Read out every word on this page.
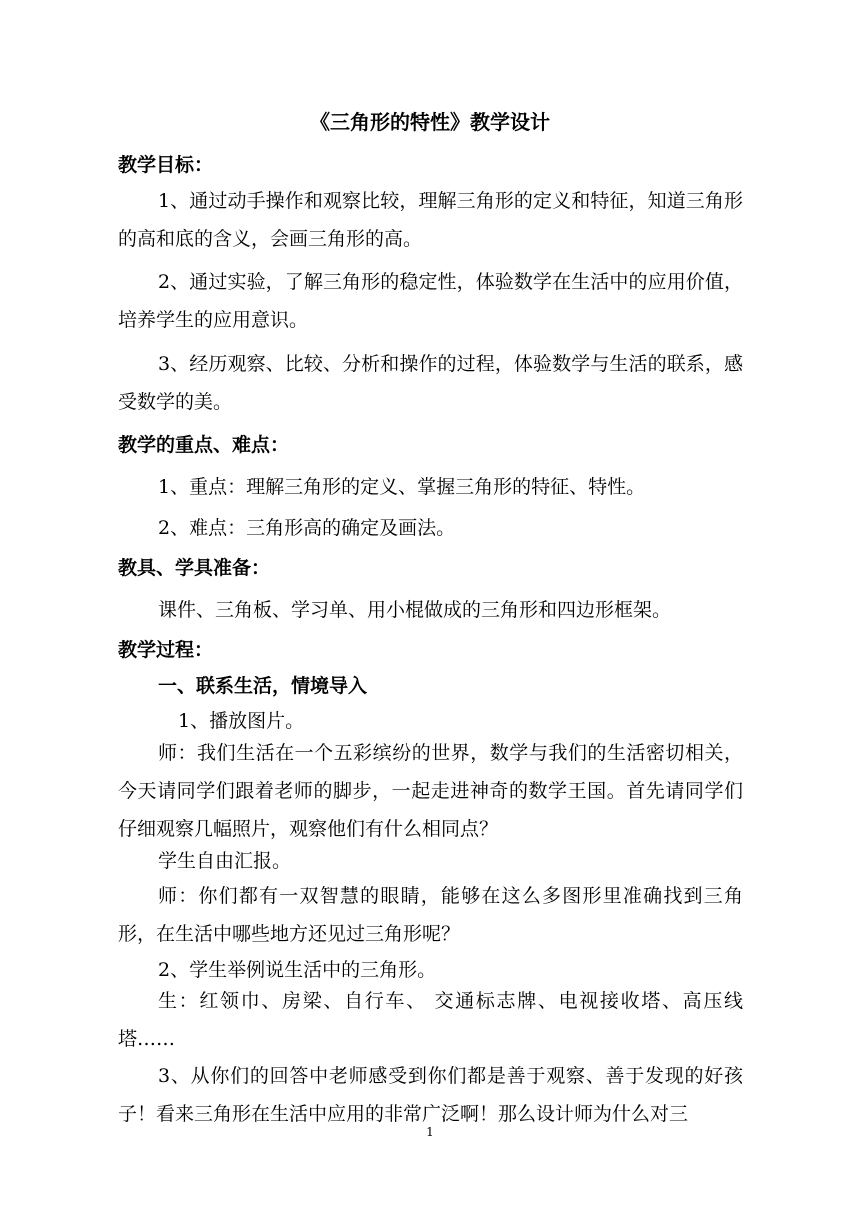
《三角形的特性》教学设计
教学目标：
1、通过动手操作和观察比较，理解三角形的定义和特征，知道三角形的高和底的含义，会画三角形的高。
2、通过实验，了解三角形的稳定性，体验数学在生活中的应用价值，培养学生的应用意识。
3、经历观察、比较、分析和操作的过程，体验数学与生活的联系，感受数学的美。
教学的重点、难点：
1、重点：理解三角形的定义、掌握三角形的特征、特性。
2、难点：三角形高的确定及画法。
教具、学具准备：
课件、三角板、学习单、用小棍做成的三角形和四边形框架。
教学过程：
一、联系生活，情境导入
1、播放图片。
师：我们生活在一个五彩缤纷的世界，数学与我们的生活密切相关，今天请同学们跟着老师的脚步，一起走进神奇的数学王国。首先请同学们仔细观察几幅照片，观察他们有什么相同点？
学生自由汇报。
师：你们都有一双智慧的眼睛，能够在这么多图形里准确找到三角形，在生活中哪些地方还见过三角形呢？
2、学生举例说生活中的三角形。
生：红领巾、房梁、自行车、 交通标志牌、电视接收塔、高压线塔……
3、从你们的回答中老师感受到你们都是善于观察、善于发现的好孩子！看来三角形在生活中应用的非常广泛啊！那么设计师为什么对三
1
